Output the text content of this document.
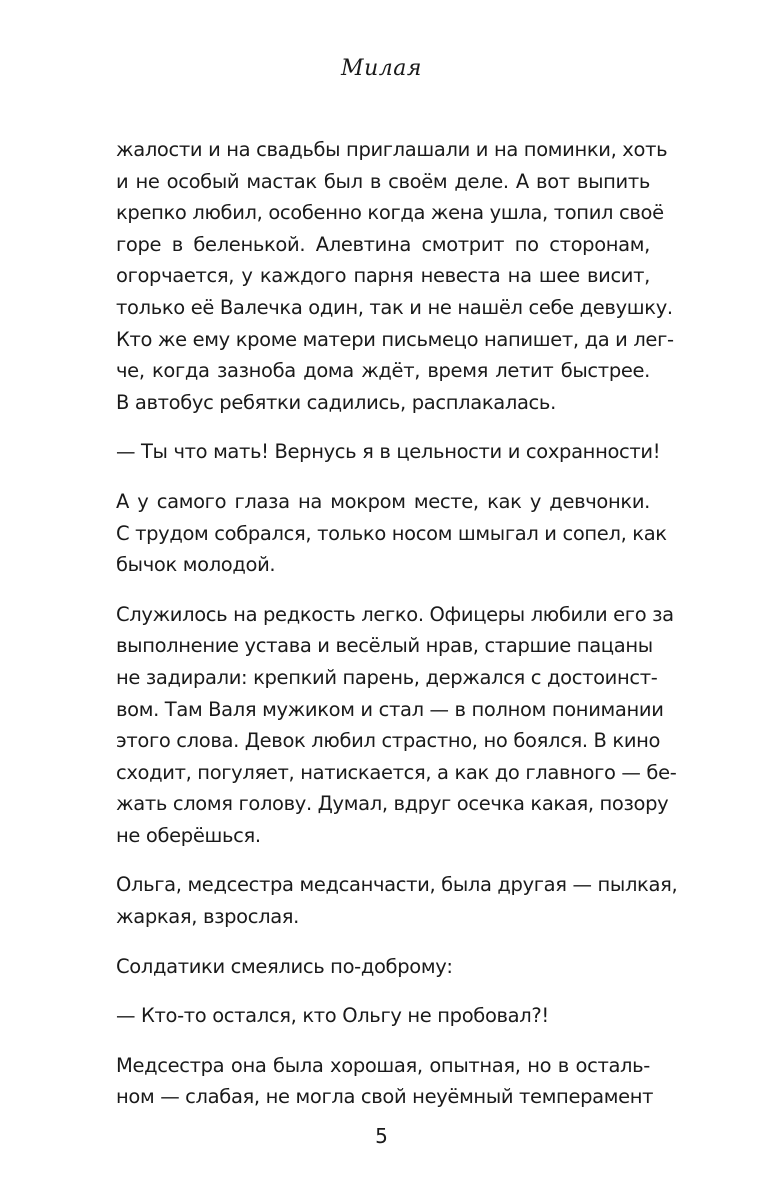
Милая
жалости и на свадьбы приглашали и на поминки, хоть
и не особый мастак был в своём деле. А вот выпить
крепко любил, особенно когда жена ушла, топил своё
горе в беленькой. Алевтина смотрит по сторонам,
огорчается, у каждого парня невеста на шее висит,
только её Валечка один, так и не нашёл себе девушку.
Кто же ему кроме матери письмецо напишет, да и лег-
че, когда зазноба дома ждёт, время летит быстрее.
В автобус ребятки садились, расплакалась.
— Ты что мать! Вернусь я в цельности и сохранности!
А у самого глаза на мокром месте, как у девчонки.
С трудом собрался, только носом шмыгал и сопел, как
бычок молодой.
Служилось на редкость легко. Офицеры любили его за
выполнение устава и весёлый нрав, старшие пацаны
не задирали: крепкий парень, держался с достоинст-
вом. Там Валя мужиком и стал — в полном понимании
этого слова. Девок любил страстно, но боялся. В кино
сходит, погуляет, натискается, а как до главного — бе-
жать сломя голову. Думал, вдруг осечка какая, позору
не оберёшься.
Ольга, медсестра медсанчасти, была другая — пылкая,
жаркая, взрослая.
Солдатики смеялись по-доброму:
— Кто-то остался, кто Ольгу не пробовал?!
Медсестра она была хорошая, опытная, но в осталь-
ном — слабая, не могла свой неуёмный темперамент
5
